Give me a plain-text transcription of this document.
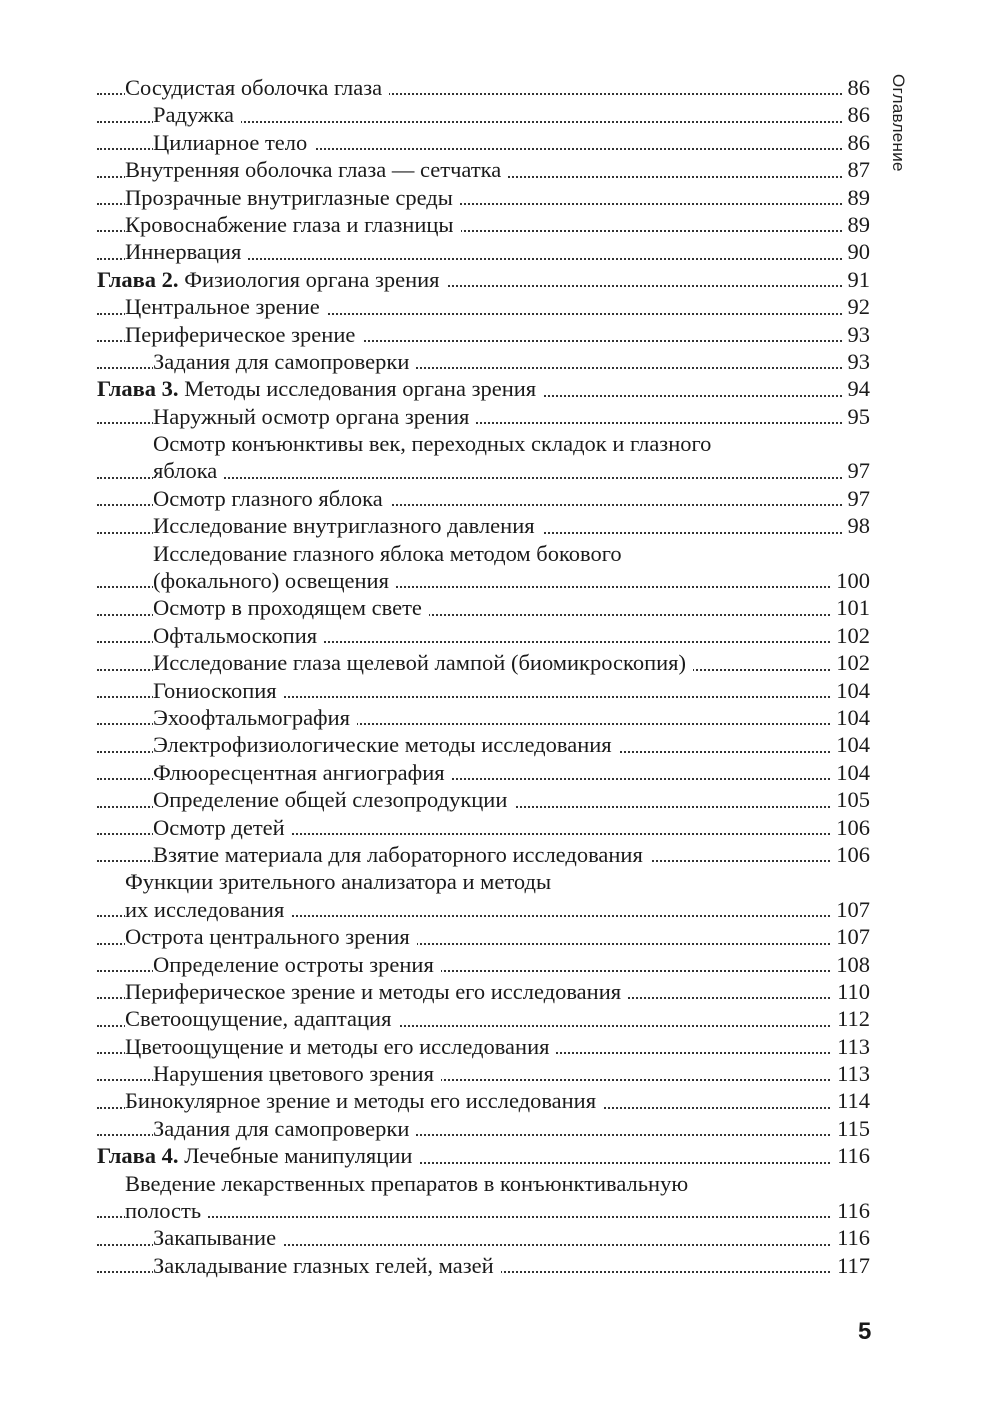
Оглавление
Сосудистая оболочка глаза	86
Радужка	86
Цилиарное тело	86
Внутренняя оболочка глаза — сетчатка	87
Прозрачные внутриглазные среды	89
Кровоснабжение глаза и глазницы	89
Иннервация	90
Глава 2. Физиология органа зрения	91
Центральное зрение	92
Периферическое зрение	93
Задания для самопроверки	93
Глава 3. Методы исследования органа зрения	94
Наружный осмотр органа зрения	95
Осмотр конъюнктивы век, переходных складок и глазного
яблока	97
Осмотр глазного яблока	97
Исследование внутриглазного давления	98
Исследование глазного яблока методом бокового
(фокального) освещения	100
Осмотр в проходящем свете	101
Офтальмоскопия	102
Исследование глаза щелевой лампой (биомикроскопия)	102
Гониоскопия	104
Эхоофтальмография	104
Электрофизиологические методы исследования	104
Флюоресцентная ангиография	104
Определение общей слезопродукции	105
Осмотр детей	106
Взятие материала для лабораторного исследования	106
Функции зрительного анализатора и методы
их исследования	107
Острота центрального зрения	107
Определение остроты зрения	108
Периферическое зрение и методы его исследования	110
Светоощущение, адаптация	112
Цветоощущение и методы его исследования	113
Нарушения цветового зрения	113
Бинокулярное зрение и методы его исследования	114
Задания для самопроверки	115
Глава 4. Лечебные манипуляции	116
Введение лекарственных препаратов в конъюнктивальную
полость	116
Закапывание	116
Закладывание глазных гелей, мазей	117
5
